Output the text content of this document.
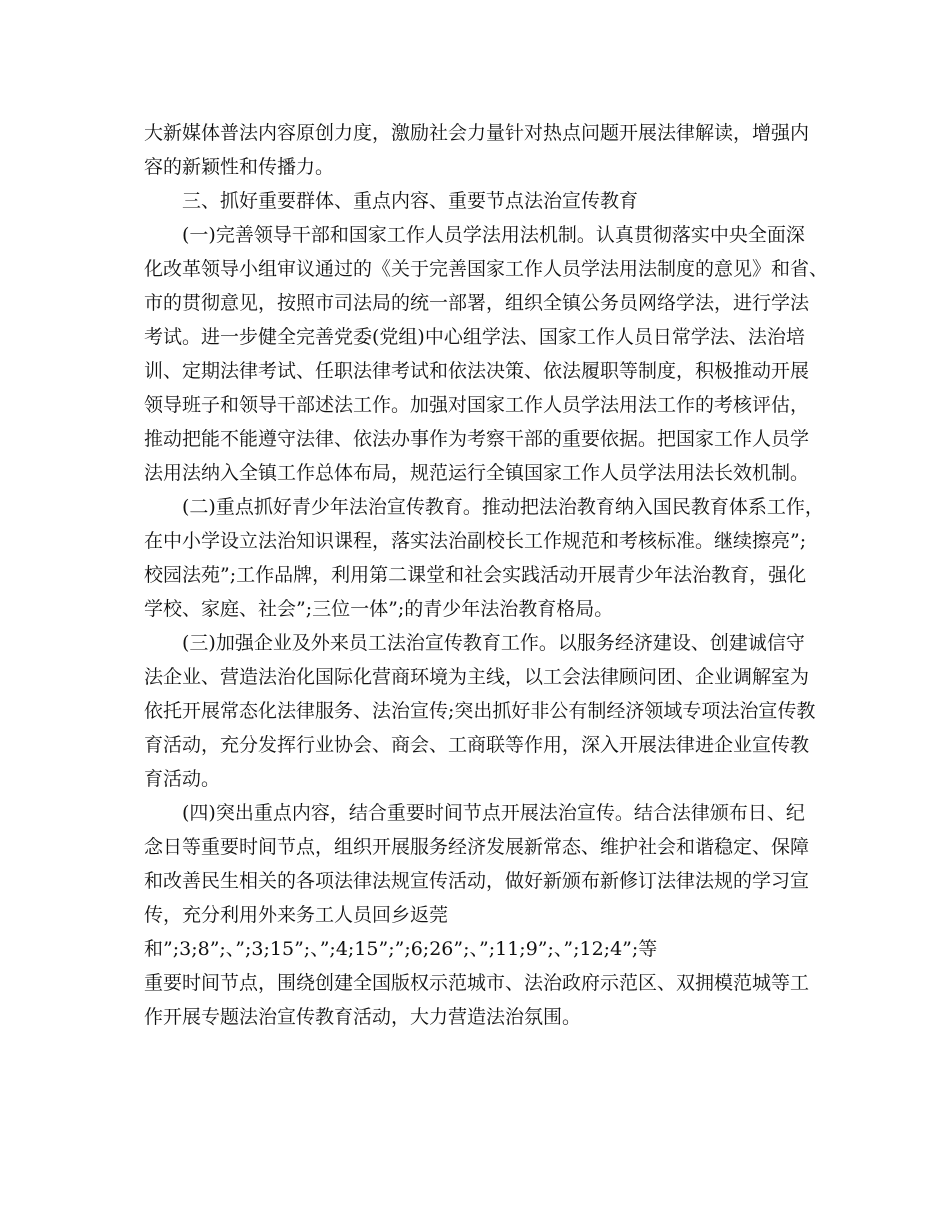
大新媒体普法内容原创力度，激励社会力量针对热点问题开展法律解读，增强内
容的新颖性和传播力。
三、抓好重要群体、重点内容、重要节点法治宣传教育
(一)完善领导干部和国家工作人员学法用法机制。认真贯彻落实中央全面深
化改革领导小组审议通过的《关于完善国家工作人员学法用法制度的意见》和省、
市的贯彻意见，按照市司法局的统一部署，组织全镇公务员网络学法，进行学法
考试。进一步健全完善党委(党组)中心组学法、国家工作人员日常学法、法治培
训、定期法律考试、任职法律考试和依法决策、依法履职等制度，积极推动开展
领导班子和领导干部述法工作。加强对国家工作人员学法用法工作的考核评估，
推动把能不能遵守法律、依法办事作为考察干部的重要依据。把国家工作人员学
法用法纳入全镇工作总体布局，规范运行全镇国家工作人员学法用法长效机制。
(二)重点抓好青少年法治宣传教育。推动把法治教育纳入国民教育体系工作，
在中小学设立法治知识课程，落实法治副校长工作规范和考核标准。继续擦亮”;
校园法苑”;工作品牌，利用第二课堂和社会实践活动开展青少年法治教育，强化
学校、家庭、社会”;三位一体”;的青少年法治教育格局。
(三)加强企业及外来员工法治宣传教育工作。以服务经济建设、创建诚信守
法企业、营造法治化国际化营商环境为主线，以工会法律顾问团、企业调解室为
依托开展常态化法律服务、法治宣传;突出抓好非公有制经济领域专项法治宣传教
育活动，充分发挥行业协会、商会、工商联等作用，深入开展法律进企业宣传教
育活动。
(四)突出重点内容，结合重要时间节点开展法治宣传。结合法律颁布日、纪
念日等重要时间节点，组织开展服务经济发展新常态、维护社会和谐稳定、保障
和改善民生相关的各项法律法规宣传活动，做好新颁布新修订法律法规的学习宣
传，充分利用外来务工人员回乡返莞
和”;3;8”;、”;3;15”;、”;4;15”;”;6;26”;、”;11;9”;、”;12;4”;等
重要时间节点，围绕创建全国版权示范城市、法治政府示范区、双拥模范城等工
作开展专题法治宣传教育活动，大力营造法治氛围。
